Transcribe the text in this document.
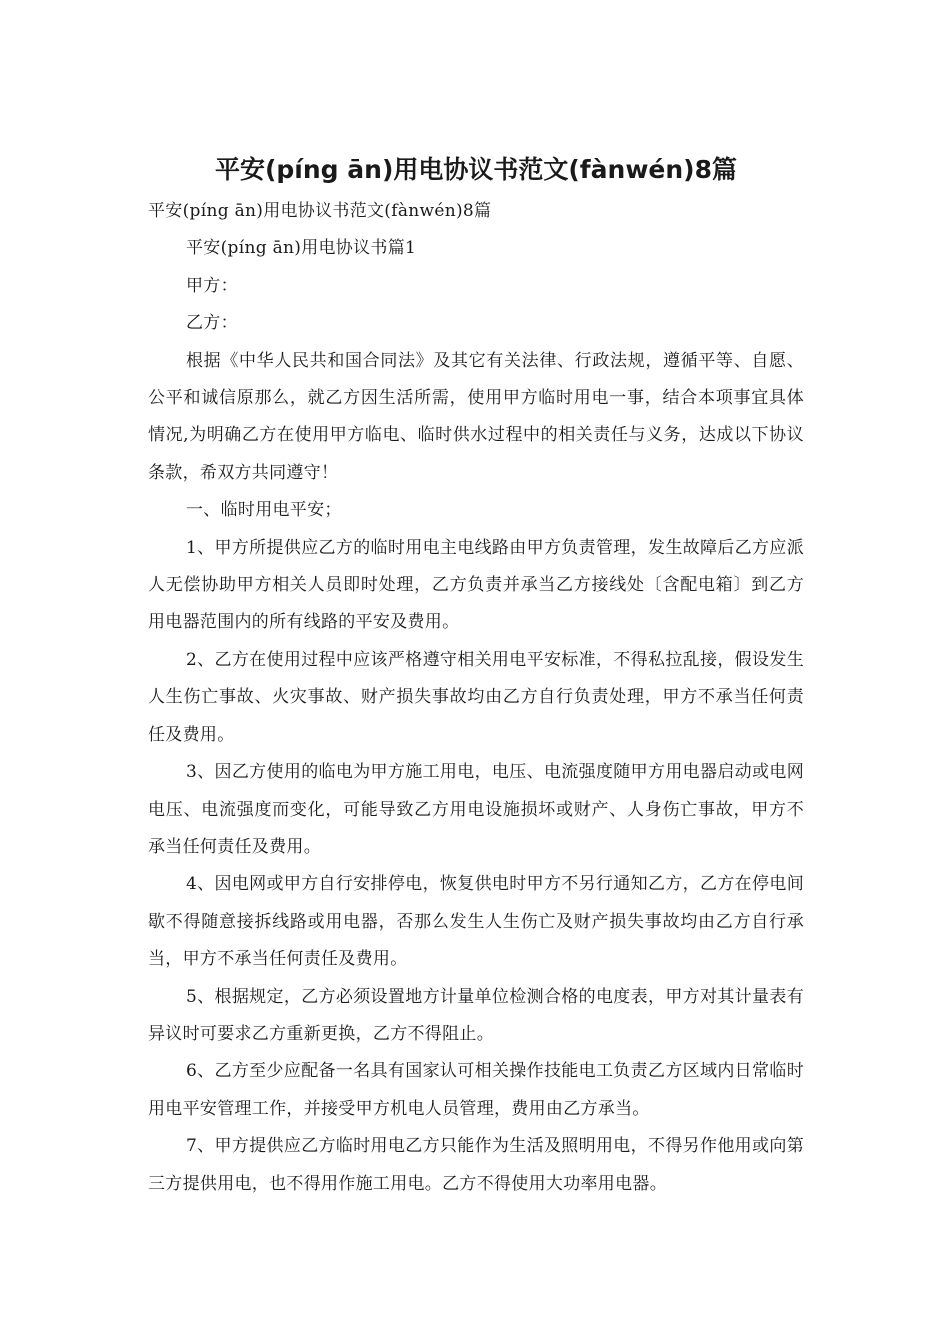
平安(píng ān)用电协议书范文(fànwén)8篇

平安(píng ān)用电协议书范文(fànwén)8篇

平安(píng ān)用电协议书篇1

甲方：

乙方：

根据《中华人民共和国合同法》及其它有关法律、行政法规，遵循平等、自愿、公平和诚信原那么，就乙方因生活所需，使用甲方临时用电一事，结合本项事宜具体情况,为明确乙方在使用甲方临电、临时供水过程中的相关责任与义务，达成以下协议条款，希双方共同遵守！

一、临时用电平安；

1、甲方所提供应乙方的临时用电主电线路由甲方负责管理，发生故障后乙方应派人无偿协助甲方相关人员即时处理，乙方负责并承当乙方接线处〔含配电箱〕到乙方用电器范围内的所有线路的平安及费用。

2、乙方在使用过程中应该严格遵守相关用电平安标准，不得私拉乱接，假设发生人生伤亡事故、火灾事故、财产损失事故均由乙方自行负责处理，甲方不承当任何责任及费用。

3、因乙方使用的临电为甲方施工用电，电压、电流强度随甲方用电器启动或电网电压、电流强度而变化，可能导致乙方用电设施损坏或财产、人身伤亡事故，甲方不承当任何责任及费用。

4、因电网或甲方自行安排停电，恢复供电时甲方不另行通知乙方，乙方在停电间歇不得随意接拆线路或用电器，否那么发生人生伤亡及财产损失事故均由乙方自行承当，甲方不承当任何责任及费用。

5、根据规定，乙方必须设置地方计量单位检测合格的电度表，甲方对其计量表有异议时可要求乙方重新更换，乙方不得阻止。

6、乙方至少应配备一名具有国家认可相关操作技能电工负责乙方区域内日常临时用电平安管理工作，并接受甲方机电人员管理，费用由乙方承当。

7、甲方提供应乙方临时用电乙方只能作为生活及照明用电，不得另作他用或向第三方提供用电，也不得用作施工用电。乙方不得使用大功率用电器。
